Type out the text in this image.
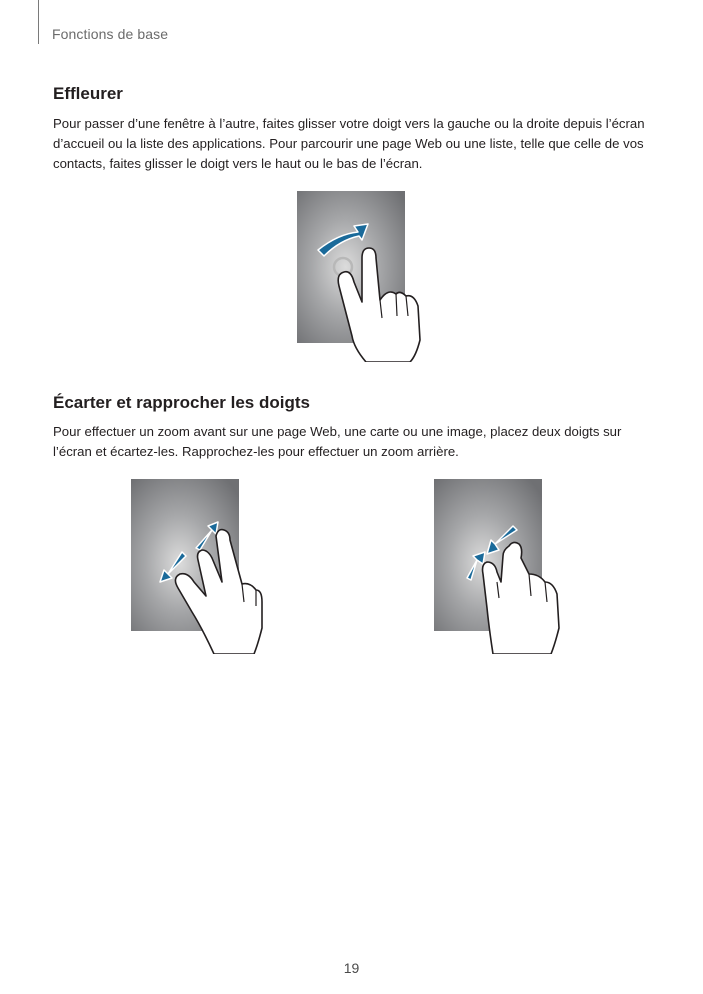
Fonctions de base
Effleurer

Pour passer d’une fenêtre à l’autre, faites glisser votre doigt vers la gauche ou la droite depuis l’écran d’accueil ou la liste des applications. Pour parcourir une page Web ou une liste, telle que celle de vos contacts, faites glisser le doigt vers le haut ou le bas de l’écran.

Écarter et rapprocher les doigts

Pour effectuer un zoom avant sur une page Web, une carte ou une image, placez deux doigts sur l’écran et écartez-les. Rapprochez-les pour effectuer un zoom arrière.

19
